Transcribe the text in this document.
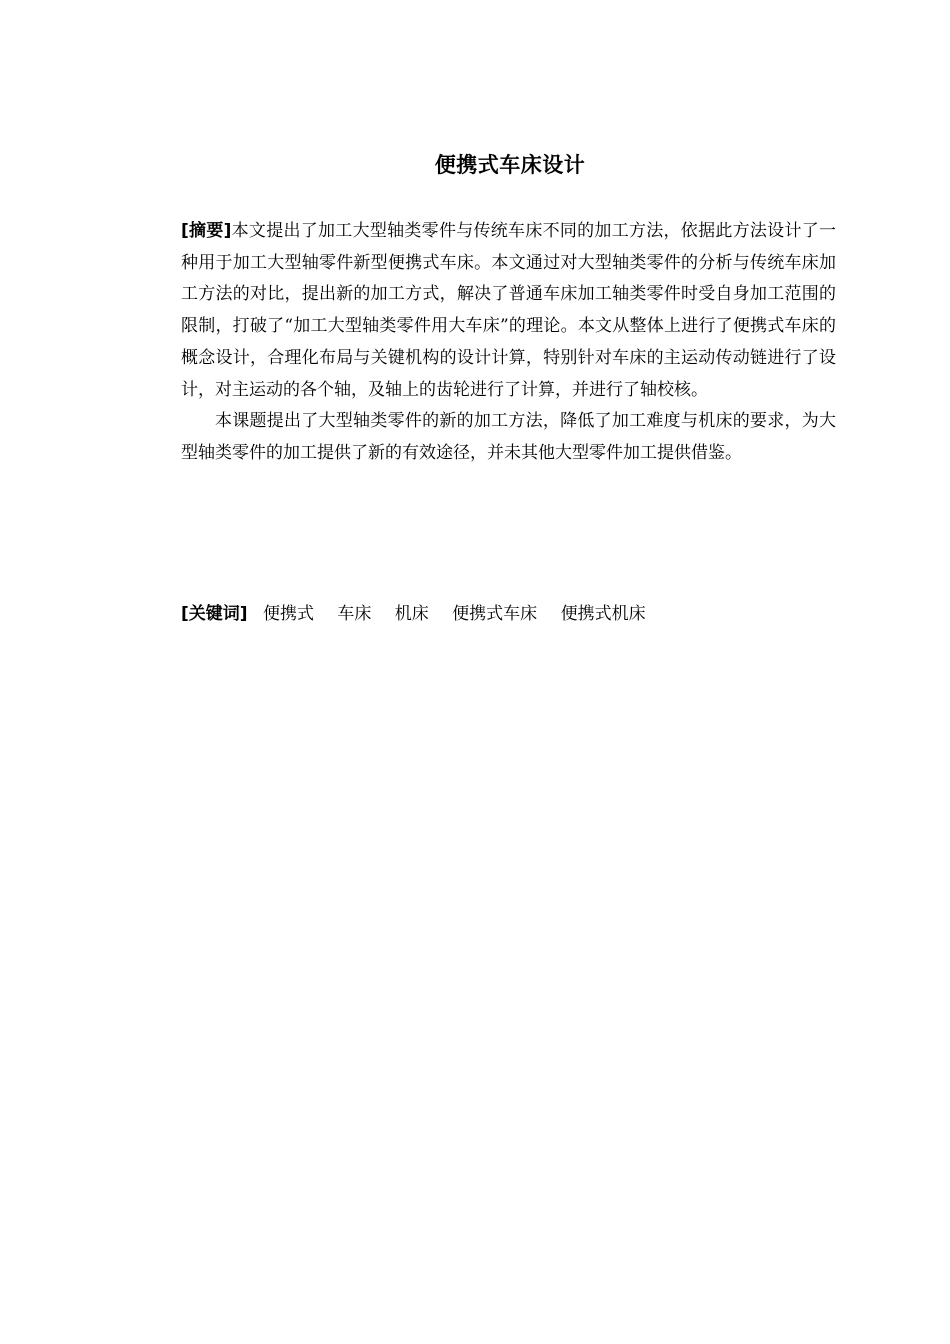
便携式车床设计

[摘要]本文提出了加工大型轴类零件与传统车床不同的加工方法，依据此方法设计了一种用于加工大型轴零件新型便携式车床。本文通过对大型轴类零件的分析与传统车床加工方法的对比，提出新的加工方式，解决了普通车床加工轴类零件时受自身加工范围的限制，打破了“加工大型轴类零件用大车床”的理论。本文从整体上进行了便携式车床的概念设计，合理化布局与关键机构的设计计算，特别针对车床的主运动传动链进行了设计，对主运动的各个轴，及轴上的齿轮进行了计算，并进行了轴校核。

本课题提出了大型轴类零件的新的加工方法，降低了加工难度与机床的要求，为大型轴类零件的加工提供了新的有效途径，并未其他大型零件加工提供借鉴。

[关键词] 便携式 车床 机床 便携式车床 便携式机床
